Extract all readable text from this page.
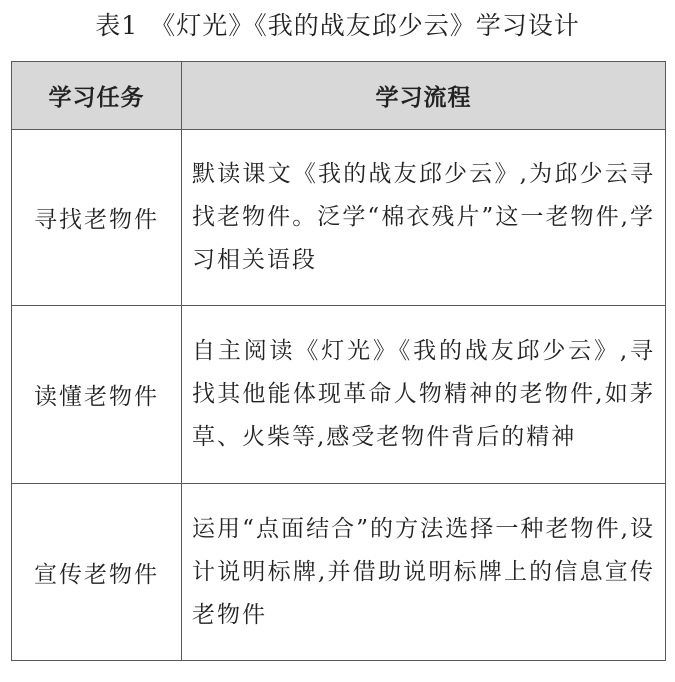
表1 《灯光》《我的战友邱少云》学习设计
学习任务	学习流程
寻找老物件	默读课文《我的战友邱少云》,为邱少云寻找老物件。泛学“棉衣残片”这一老物件,学习相关语段
读懂老物件	自主阅读《灯光》《我的战友邱少云》,寻找其他能体现革命人物精神的老物件,如茅草、火柴等,感受老物件背后的精神
宣传老物件	运用“点面结合”的方法选择一种老物件,设计说明标牌,并借助说明标牌上的信息宣传老物件
